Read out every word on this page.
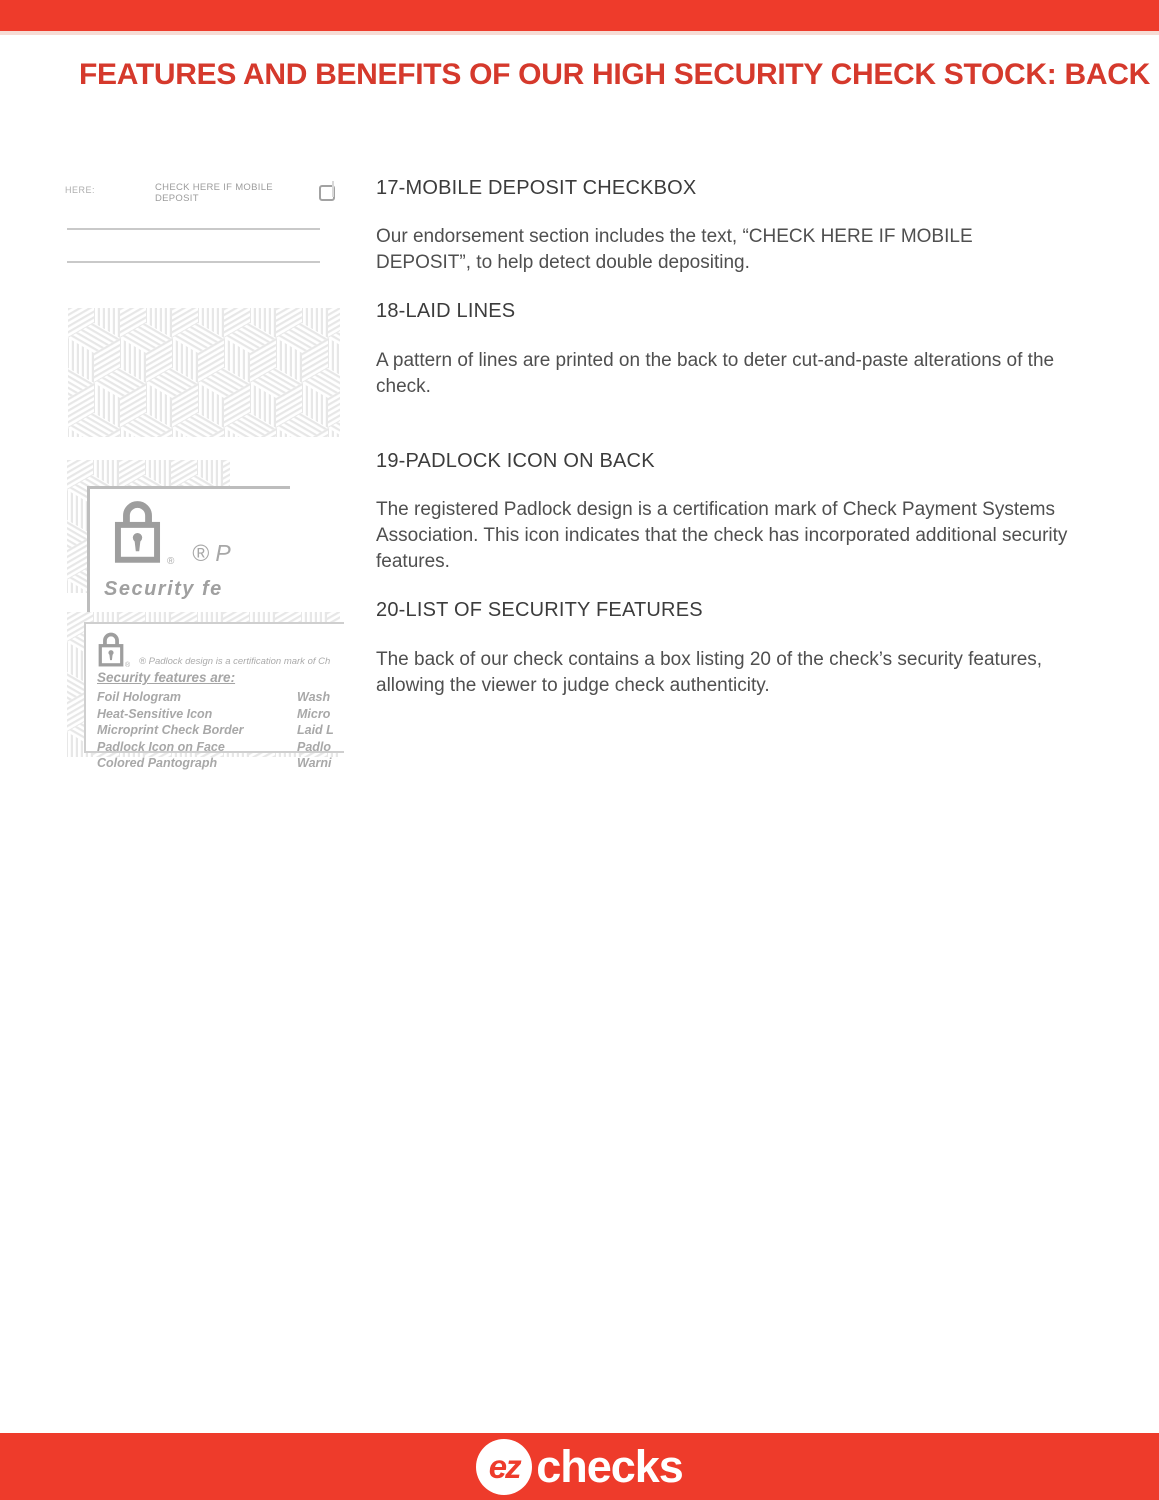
FEATURES AND BENEFITS OF OUR HIGH SECURITY CHECK STOCK: BACK
HERE:	CHECK HERE IF MOBILE DEPOSIT
® ® P
Security fe
® ® Padlock design is a certification mark of Ch
Security features are:
Foil Hologram
Heat-Sensitive Icon
Microprint Check Border
Padlock Icon on Face
Colored Pantograph
Wash
Micro
Laid L
Padlo
Warni
17-MOBILE DEPOSIT CHECKBOX
Our endorsement section includes the text, “CHECK HERE IF MOBILE DEPOSIT”, to help detect double depositing.
18-LAID LINES
A pattern of lines are printed on the back to deter cut-and-paste alterations of the check.
19-PADLOCK ICON ON BACK
The registered Padlock design is a certification mark of Check Payment Systems Association. This icon indicates that the check has incorporated additional security features.
20-LIST OF SECURITY FEATURES
The back of our check contains a box listing 20 of the check’s security features, allowing the viewer to judge check authenticity.
ez checks
